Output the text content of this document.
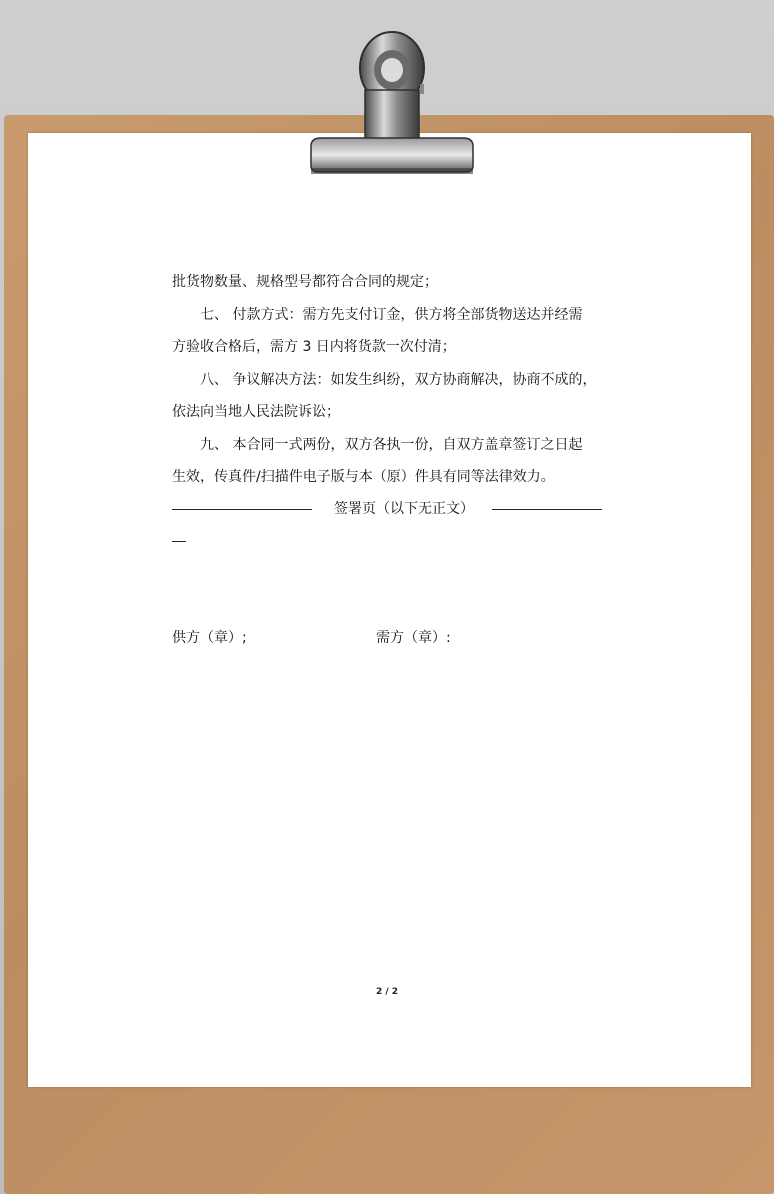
批货物数量、规格型号都符合合同的规定；
七、 付款方式：需方先支付订金，供方将全部货物送达并经需
方验收合格后，需方 3 日内将货款一次付清；
八、 争议解决方法：如发生纠纷，双方协商解决，协商不成的，
依法向当地人民法院诉讼；
九、 本合同一式两份，双方各执一份，自双方盖章签订之日起
生效，传真件/扫描件电子版与本（原）件具有同等法律效力。
签署页（以下无正文）
供方（章）;	需方（章）:
2 / 2
